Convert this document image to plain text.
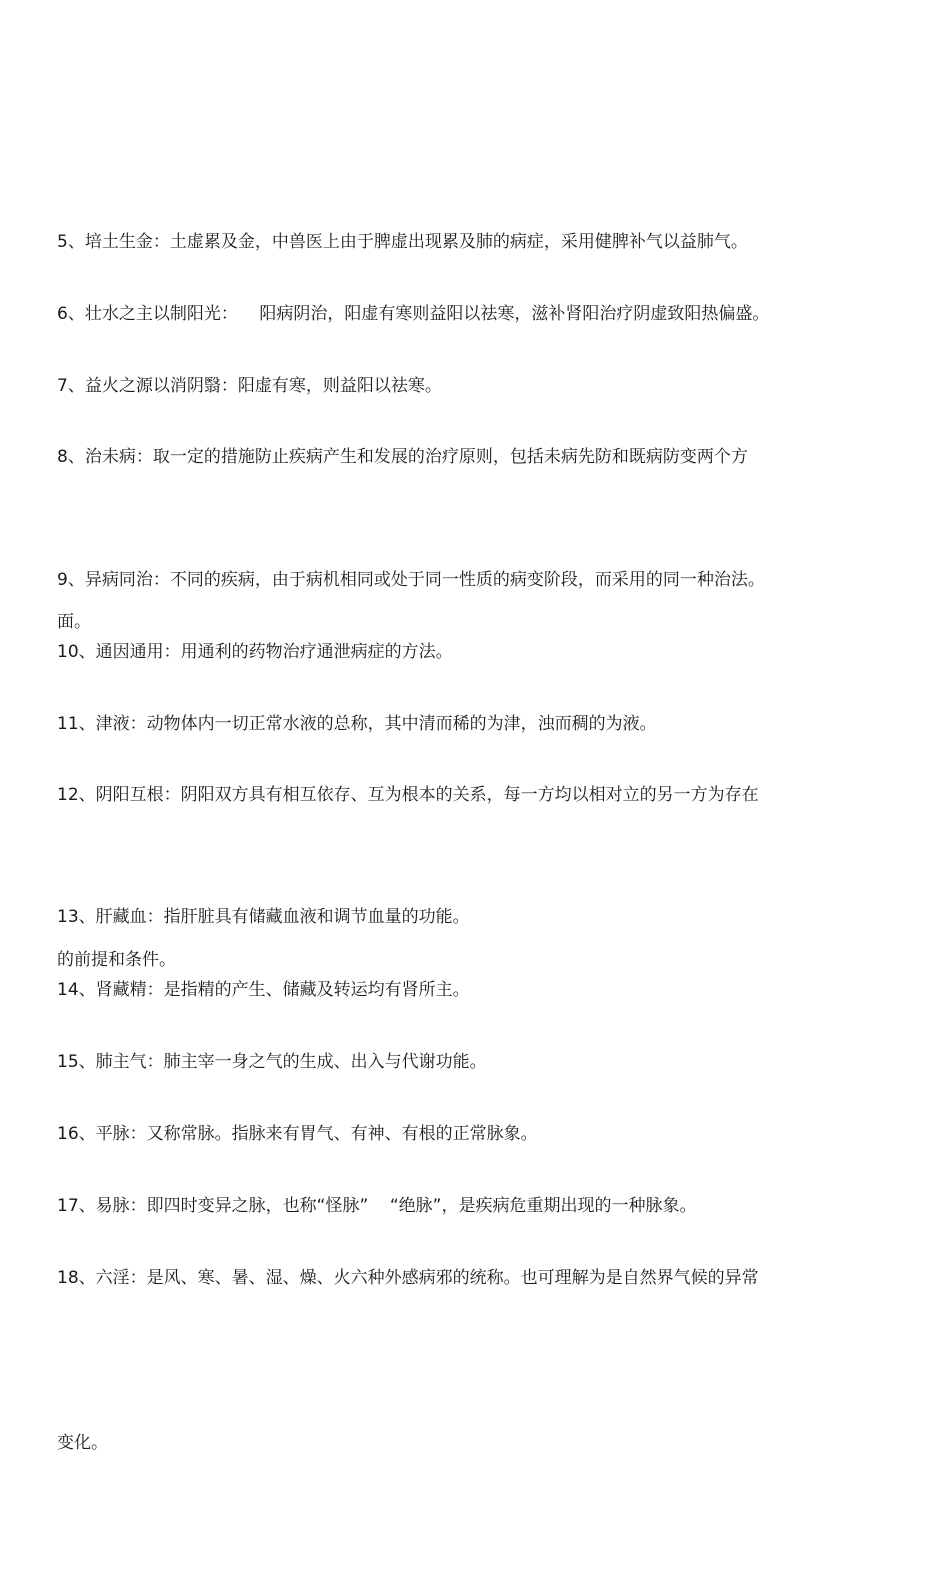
5、培土生金：土虚累及金，中兽医上由于脾虚出现累及肺的病症，采用健脾补气以益肺气。

6、壮水之主以制阳光：    阳病阴治，阳虚有寒则益阳以祛寒，滋补肾阳治疗阴虚致阳热偏盛。

7、益火之源以消阴翳：阳虚有寒，则益阳以祛寒。

8、治未病：取一定的措施防止疾病产生和发展的治疗原则，包括未病先防和既病防变两个方

面。

9、异病同治：不同的疾病，由于病机相同或处于同一性质的病变阶段，而采用的同一种治法。

10、通因通用：用通利的药物治疗通泄病症的方法。

11、津液：动物体内一切正常水液的总称，其中清而稀的为津，浊而稠的为液。

12、阴阳互根：阴阳双方具有相互依存、互为根本的关系，每一方均以相对立的另一方为存在

的前提和条件。

13、肝藏血：指肝脏具有储藏血液和调节血量的功能。

14、肾藏精：是指精的产生、储藏及转运均有肾所主。

15、肺主气：肺主宰一身之气的生成、出入与代谢功能。

16、平脉：又称常脉。指脉来有胃气、有神、有根的正常脉象。

17、易脉：即四时变异之脉，也称“怪脉”    “绝脉”，是疾病危重期出现的一种脉象。

18、六淫：是风、寒、暑、湿、燥、火六种外感病邪的统称。也可理解为是自然界气候的异常

变化。
